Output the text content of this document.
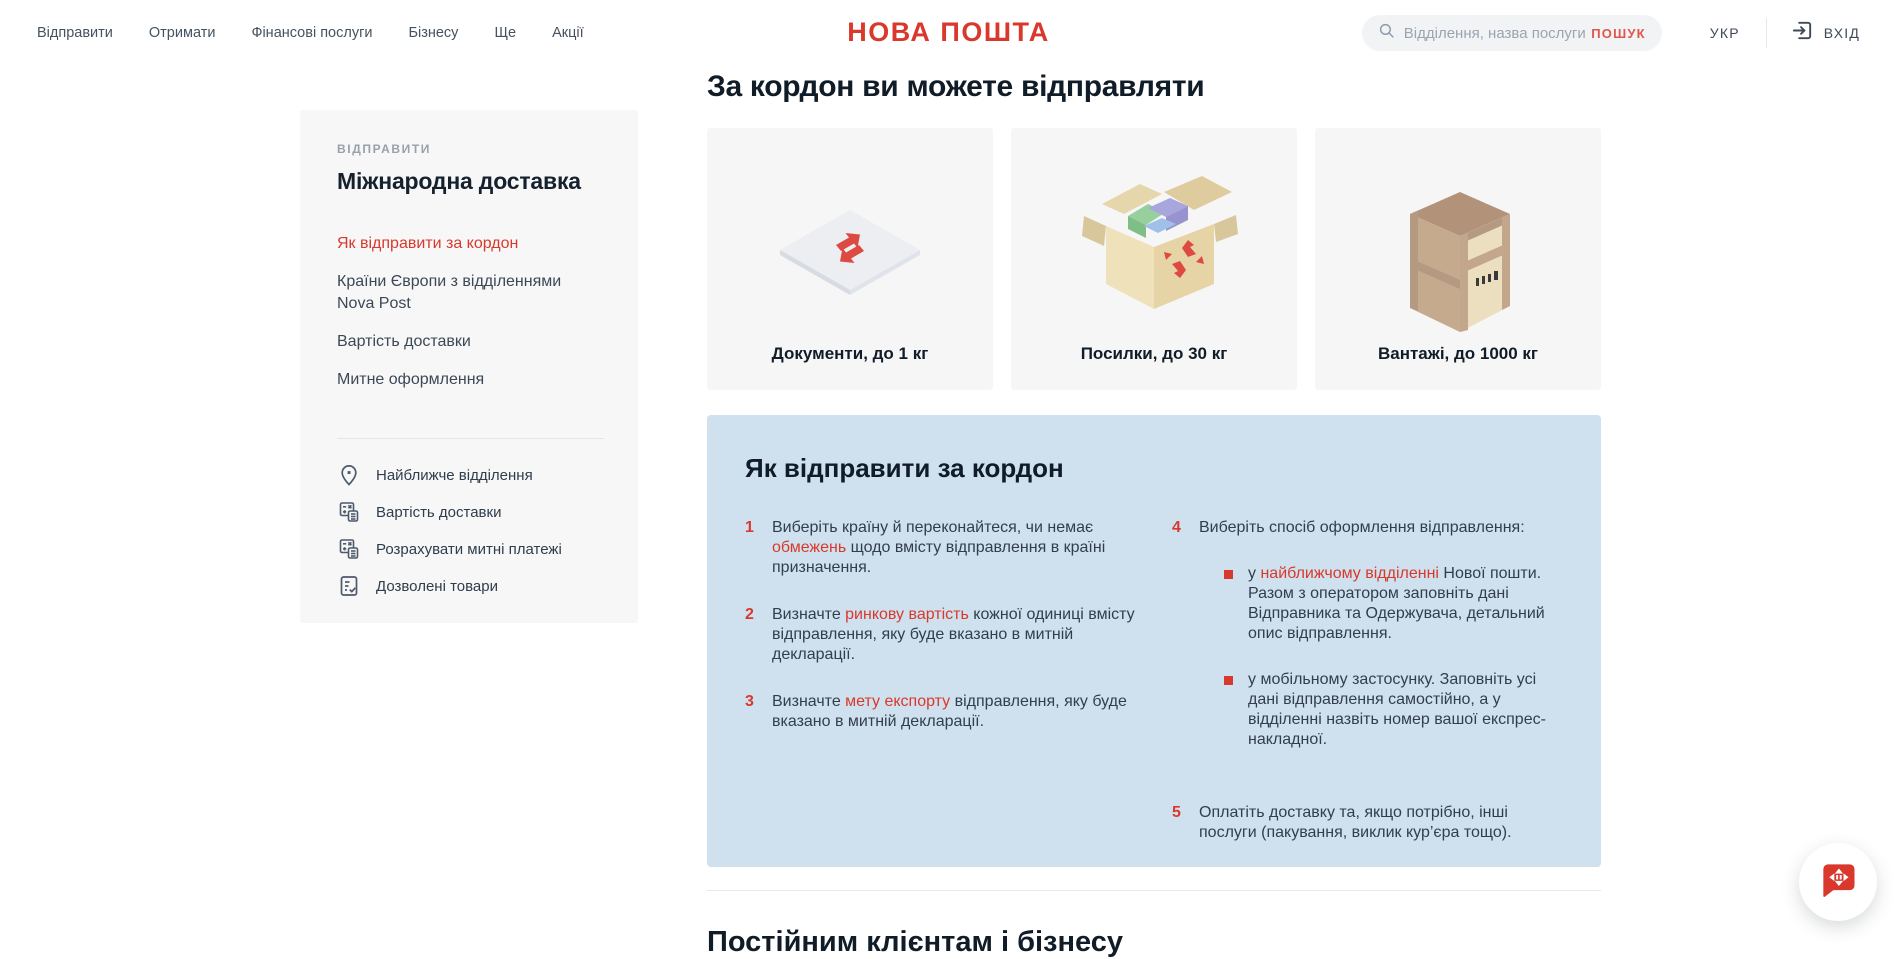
Відправити Отримати Фінансові послуги Бізнесу Ще Акції	НОВА ПОШТА
Відділення, назва послуги, но	ПОШУК	УКР	ВХІД
ВІДПРАВИТИ
Міжнародна доставка
Як відправити за кордон
Країни Європи з відділеннями Nova Post
Вартість доставки
Митне оформлення
Найближче відділення
Вартість доставки
Розрахувати митні платежі
Дозволені товари
За кордон ви можете відправляти
Документи, до 1 кг	Посилки, до 30 кг	Вантажі, до 1000 кг
Як відправити за кордон
1	Виберіть країну й переконайтеся, чи немає обмежень щодо вмісту відправлення в країні призначення.
2	Визначте ринкову вартість кожної одиниці вмісту відправлення, яку буде вказано в митній декларації.
3	Визначте мету експорту відправлення, яку буде вказано в митній декларації.
4	Виберіть спосіб оформлення відправлення:
у найближчому відділенні Нової пошти. Разом з оператором заповніть дані Відправника та Одержувача, детальний опис відправлення.
у мобільному застосунку. Заповніть усі дані відправлення самостійно, а у відділенні назвіть номер вашої експрес-накладної.
5	Оплатіть доставку та, якщо потрібно, інші послуги (пакування, виклик кур’єра тощо).
Постійним клієнтам і бізнесу
